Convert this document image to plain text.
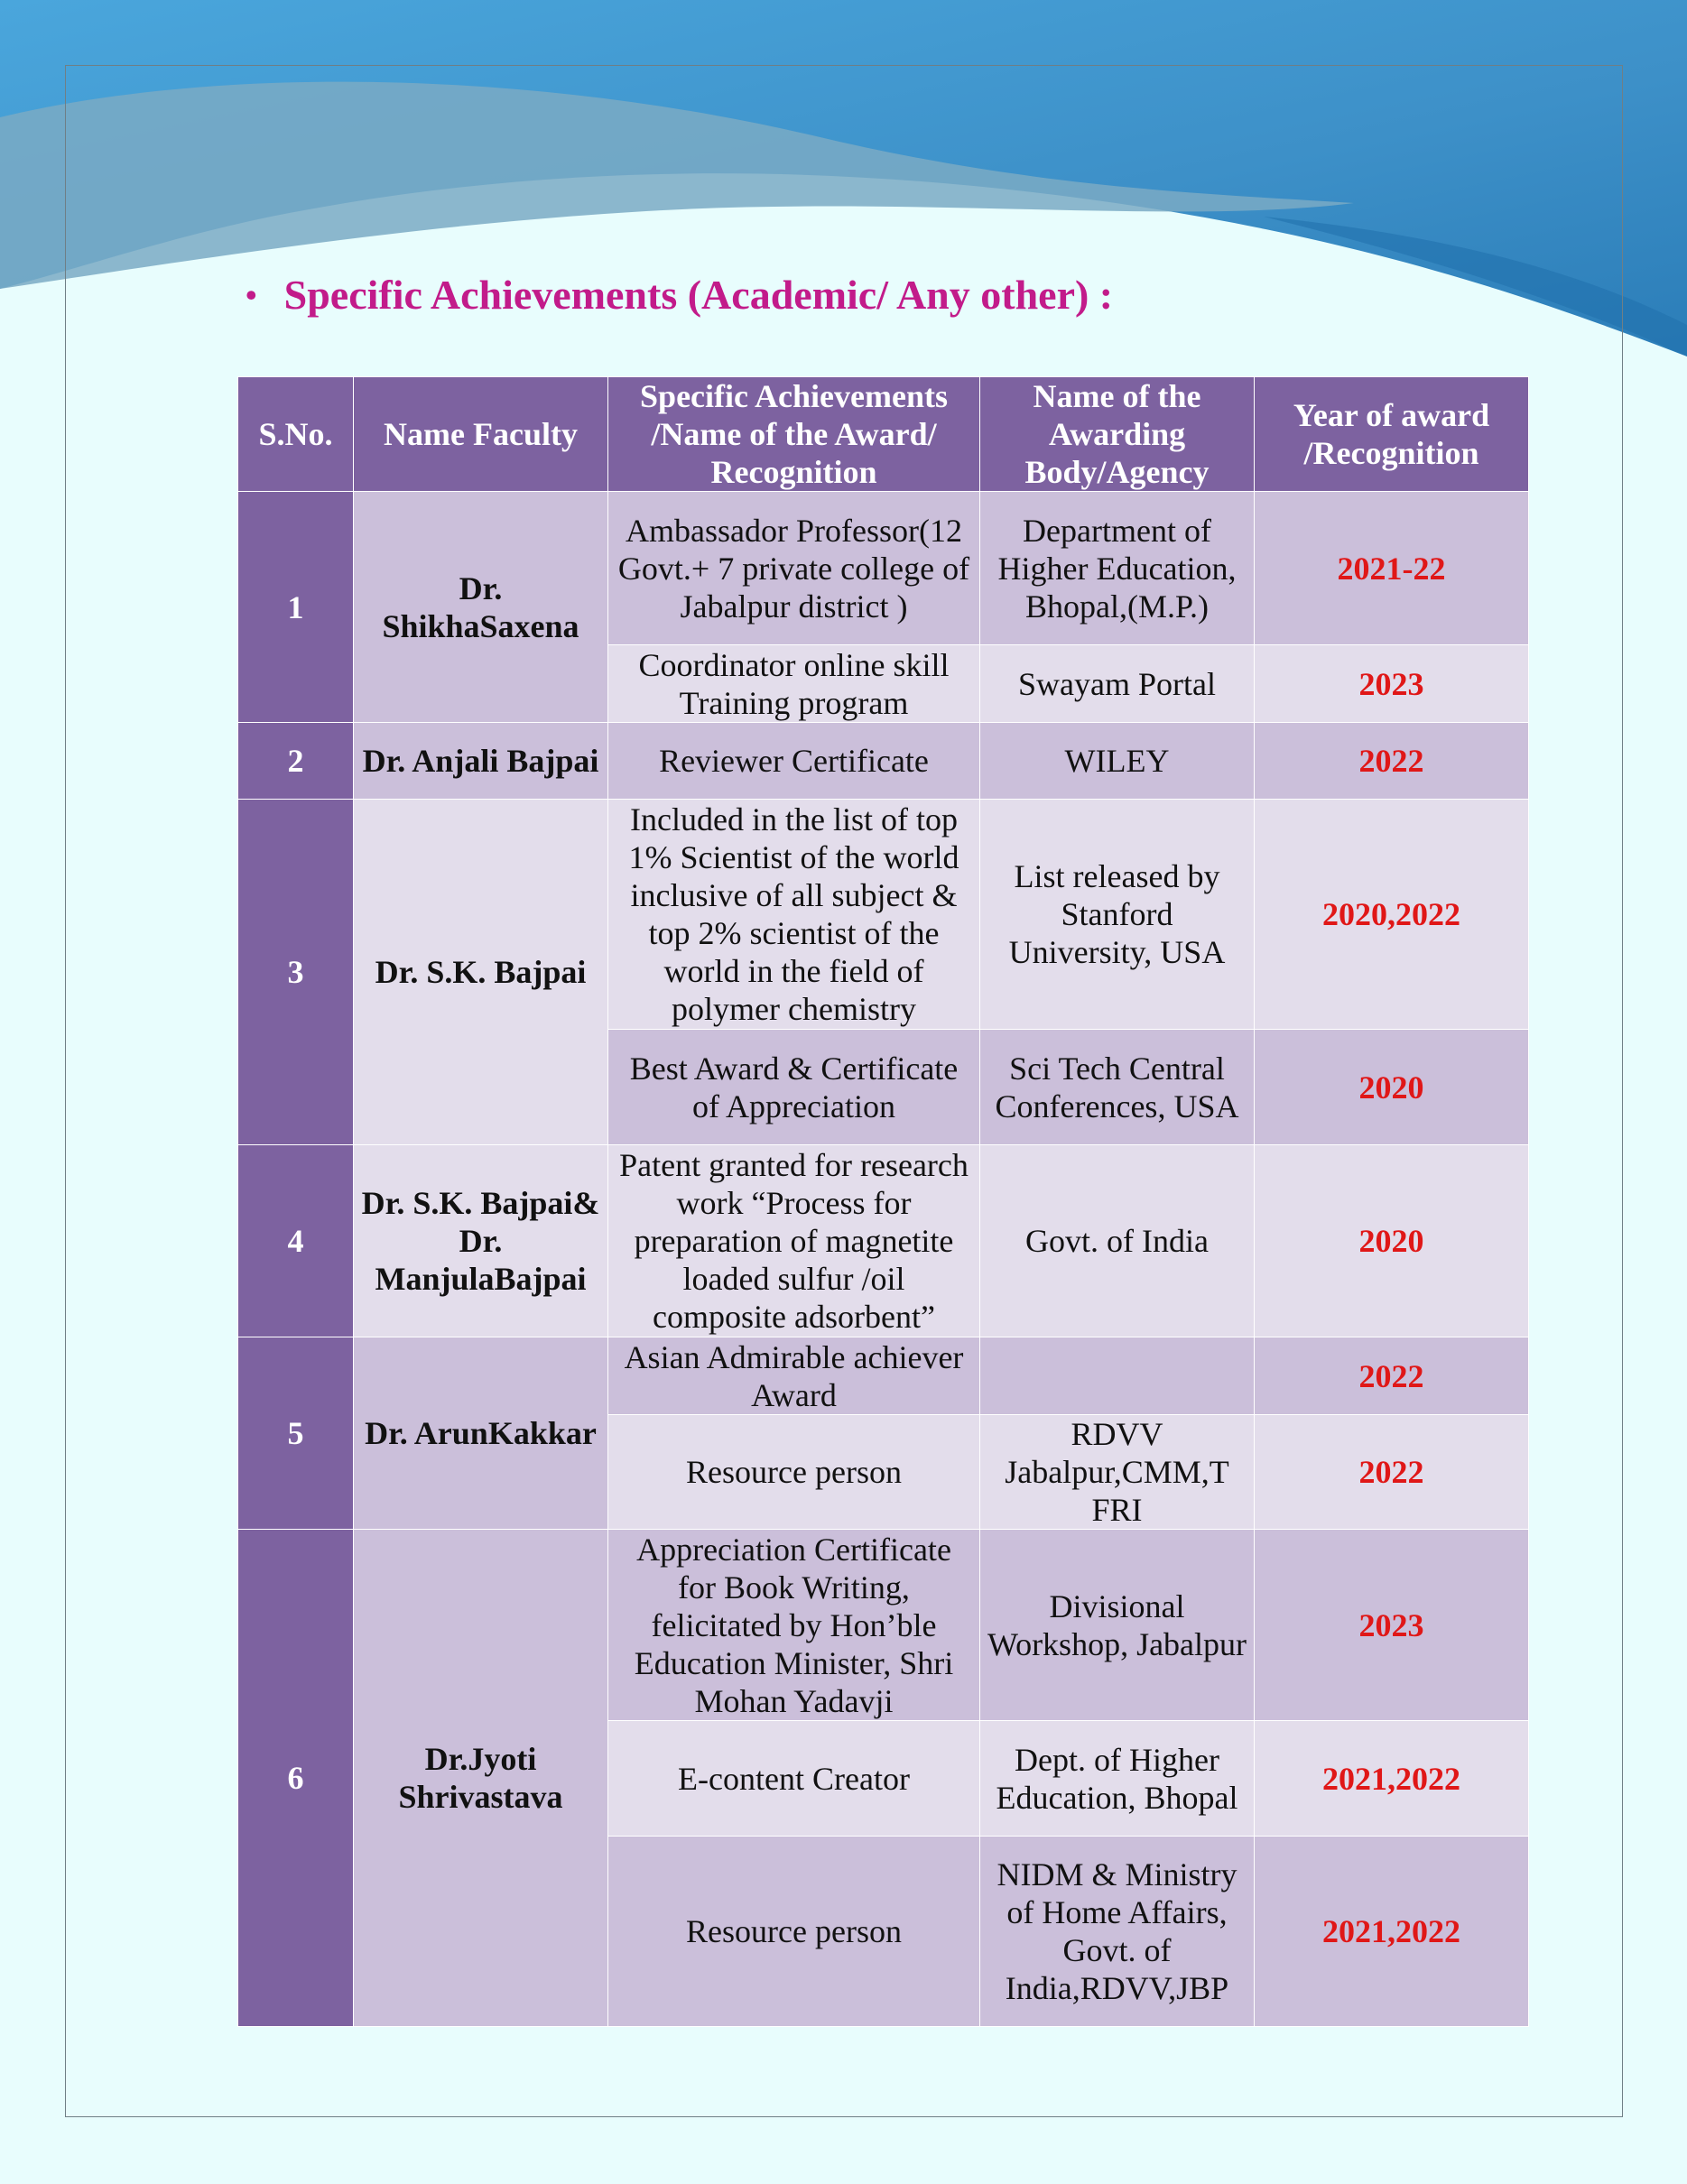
• Specific Achievements (Academic/ Any other) :
S.No.	Name Faculty	Specific Achievements /Name of the Award/ Recognition	Name of the Awarding Body/Agency	Year of award /Recognition
1	Dr. ShikhaSaxena	Ambassador Professor(12 Govt.+ 7 private college of Jabalpur district )	Department of Higher Education, Bhopal,(M.P.)	2021-22
		Coordinator online skill Training program	Swayam Portal	2023
2	Dr. Anjali Bajpai	Reviewer Certificate	WILEY	2022
3	Dr. S.K. Bajpai	Included in the list of top 1% Scientist of the world inclusive of all subject & top 2% scientist of the world in the field of polymer chemistry	List released by Stanford University, USA	2020,2022
		Best Award & Certificate of Appreciation	Sci Tech Central Conferences, USA	2020
4	Dr. S.K. Bajpai& Dr. ManjulaBajpai	Patent granted for research work “Process for preparation of magnetite loaded sulfur /oil composite adsorbent”	Govt. of India	2020
5	Dr. ArunKakkar	Asian Admirable achiever Award		2022
		Resource person	RDVV Jabalpur,CMM,T FRI	2022
6	Dr.Jyoti Shrivastava	Appreciation Certificate for Book Writing, felicitated by Hon’ble Education Minister, Shri Mohan Yadavji	Divisional Workshop, Jabalpur	2023
		E-content Creator	Dept. of Higher Education, Bhopal	2021,2022
		Resource person	NIDM & Ministry of Home Affairs, Govt. of India,RDVV,JBP	2021,2022
